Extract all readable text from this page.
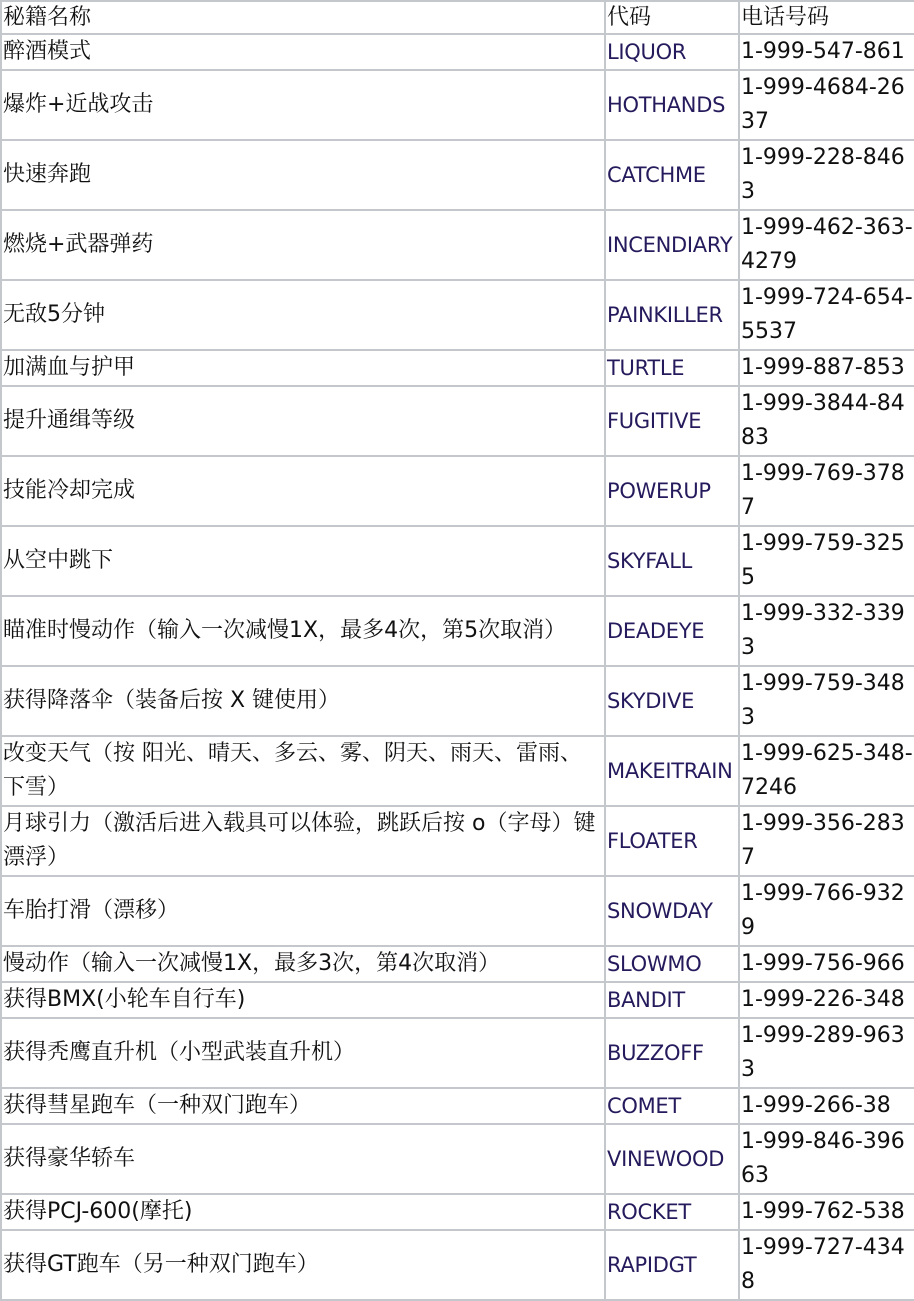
秘籍名称	代码	电话号码
醉酒模式	LIQUOR	1-999-547-861
爆炸+近战攻击	HOTHANDS	1-999-4684-2637
快速奔跑	CATCHME	1-999-228-8463
燃烧+武器弹药	INCENDIARY	1-999-462-363-4279
无敌5分钟	PAINKILLER	1-999-724-654-5537
加满血与护甲	TURTLE	1-999-887-853
提升通缉等级	FUGITIVE	1-999-3844-8483
技能冷却完成	POWERUP	1-999-769-3787
从空中跳下	SKYFALL	1-999-759-3255
瞄准时慢动作（输入一次减慢1X，最多4次，第5次取消）	DEADEYE	1-999-332-3393
获得降落伞（装备后按 X 键使用）	SKYDIVE	1-999-759-3483
改变天气（按 阳光、晴天、多云、雾、阴天、雨天、雷雨、下雪）	MAKEITRAIN	1-999-625-348-7246
月球引力（激活后进入载具可以体验，跳跃后按 o（字母）键漂浮）	FLOATER	1-999-356-2837
车胎打滑（漂移）	SNOWDAY	1-999-766-9329
慢动作（输入一次减慢1X，最多3次，第4次取消）	SLOWMO	1-999-756-966
获得BMX(小轮车自行车)	BANDIT	1-999-226-348
获得秃鹰直升机（小型武装直升机）	BUZZOFF	1-999-289-9633
获得彗星跑车（一种双门跑车）	COMET	1-999-266-38
获得豪华轿车	VINEWOOD	1-999-846-39663
获得PCJ-600(摩托)	ROCKET	1-999-762-538
获得GT跑车（另一种双门跑车）	RAPIDGT	1-999-727-4348
